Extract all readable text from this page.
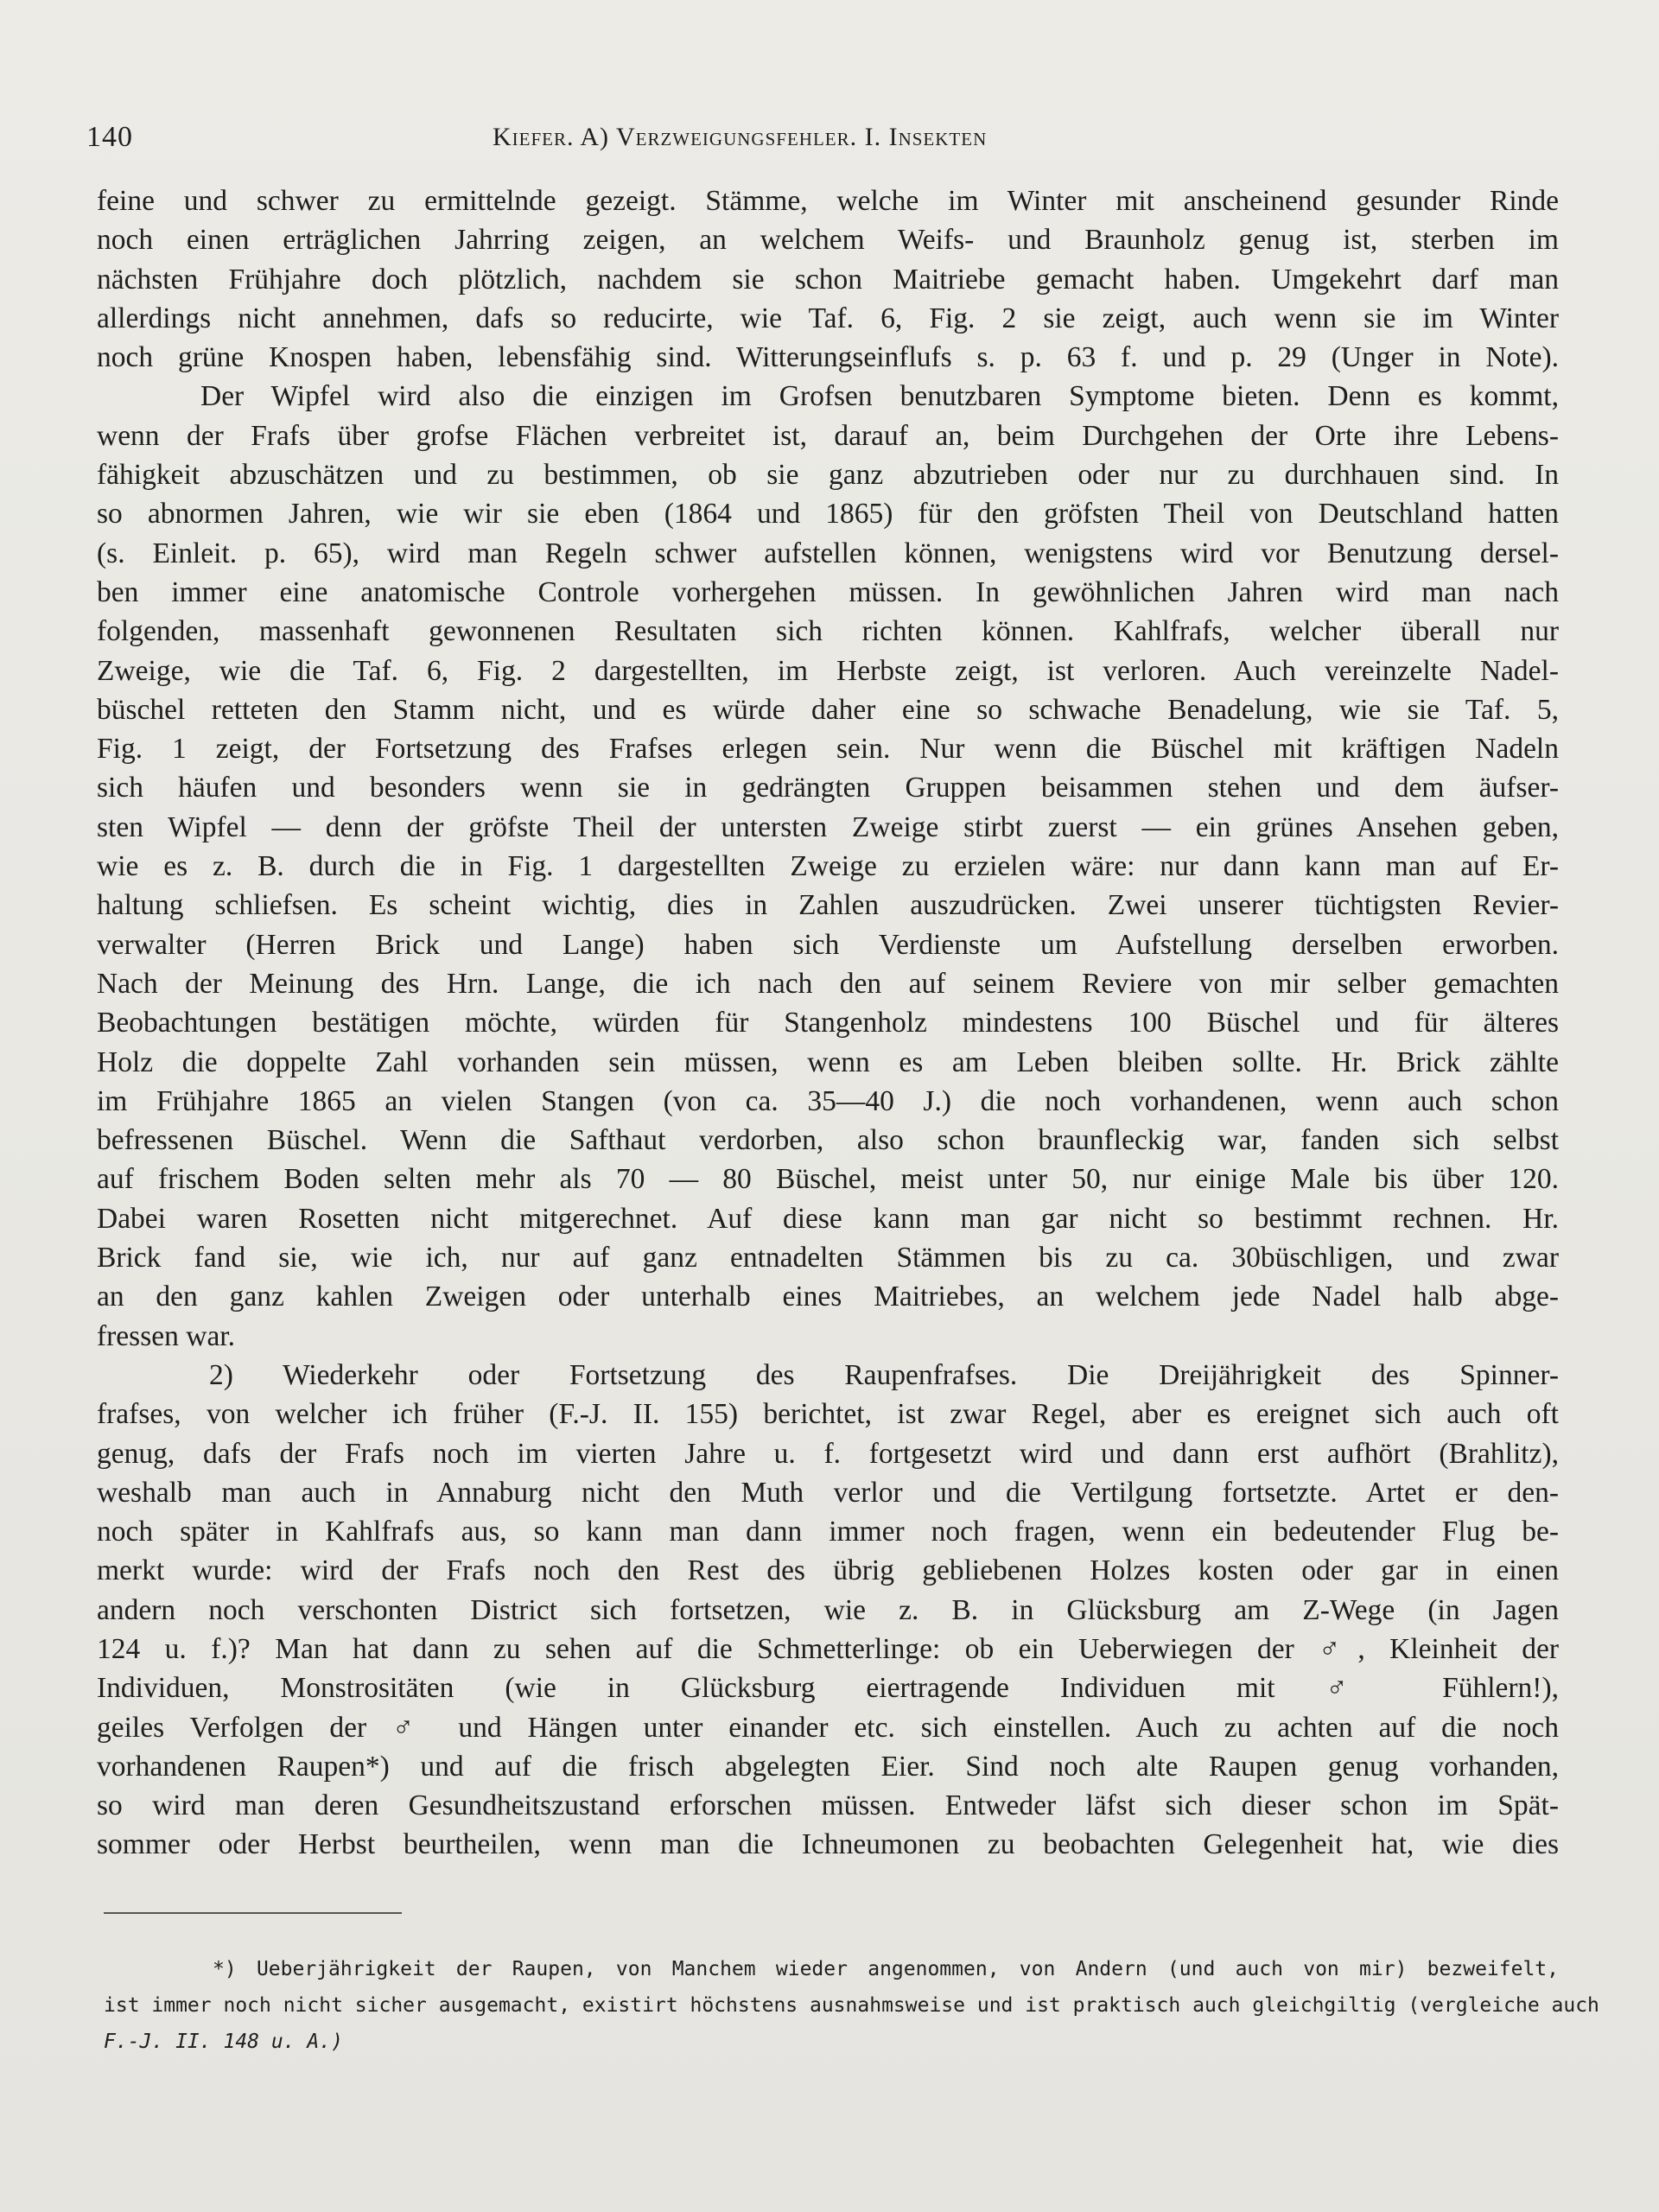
140	Kiefer. A) Verzweigungsfehler. I. Insekten
feine und schwer zu ermittelnde gezeigt. Stämme, welche im Winter mit anscheinend gesunder Rinde
noch einen erträglichen Jahrring zeigen, an welchem Weifs- und Braunholz genug ist, sterben im
nächsten Frühjahre doch plötzlich, nachdem sie schon Maitriebe gemacht haben. Umgekehrt darf man
allerdings nicht annehmen, dafs so reducirte, wie Taf. 6, Fig. 2 sie zeigt, auch wenn sie im Winter
noch grüne Knospen haben, lebensfähig sind. Witterungseinflufs s. p. 63 f. und p. 29 (Unger in Note).
Der Wipfel wird also die einzigen im Grofsen benutzbaren Symptome bieten. Denn es kommt,
wenn der Frafs über grofse Flächen verbreitet ist, darauf an, beim Durchgehen der Orte ihre Lebens-
fähigkeit abzuschätzen und zu bestimmen, ob sie ganz abzutrieben oder nur zu durchhauen sind. In
so abnormen Jahren, wie wir sie eben (1864 und 1865) für den gröfsten Theil von Deutschland hatten
(s. Einleit. p. 65), wird man Regeln schwer aufstellen können, wenigstens wird vor Benutzung dersel-
ben immer eine anatomische Controle vorhergehen müssen. In gewöhnlichen Jahren wird man nach
folgenden, massenhaft gewonnenen Resultaten sich richten können. Kahlfrafs, welcher überall nur
Zweige, wie die Taf. 6, Fig. 2 dargestellten, im Herbste zeigt, ist verloren. Auch vereinzelte Nadel-
büschel retteten den Stamm nicht, und es würde daher eine so schwache Benadelung, wie sie Taf. 5,
Fig. 1 zeigt, der Fortsetzung des Frafses erlegen sein. Nur wenn die Büschel mit kräftigen Nadeln
sich häufen und besonders wenn sie in gedrängten Gruppen beisammen stehen und dem äufser-
sten Wipfel — denn der gröfste Theil der untersten Zweige stirbt zuerst — ein grünes Ansehen geben,
wie es z. B. durch die in Fig. 1 dargestellten Zweige zu erzielen wäre: nur dann kann man auf Er-
haltung schliefsen. Es scheint wichtig, dies in Zahlen auszudrücken. Zwei unserer tüchtigsten Revier-
verwalter (Herren Brick und Lange) haben sich Verdienste um Aufstellung derselben erworben.
Nach der Meinung des Hrn. Lange, die ich nach den auf seinem Reviere von mir selber gemachten
Beobachtungen bestätigen möchte, würden für Stangenholz mindestens 100 Büschel und für älteres
Holz die doppelte Zahl vorhanden sein müssen, wenn es am Leben bleiben sollte. Hr. Brick zählte
im Frühjahre 1865 an vielen Stangen (von ca. 35—40 J.) die noch vorhandenen, wenn auch schon
befressenen Büschel. Wenn die Safthaut verdorben, also schon braunfleckig war, fanden sich selbst
auf frischem Boden selten mehr als 70 — 80 Büschel, meist unter 50, nur einige Male bis über 120.
Dabei waren Rosetten nicht mitgerechnet. Auf diese kann man gar nicht so bestimmt rechnen. Hr.
Brick fand sie, wie ich, nur auf ganz entnadelten Stämmen bis zu ca. 30büschligen, und zwar
an den ganz kahlen Zweigen oder unterhalb eines Maitriebes, an welchem jede Nadel halb abge-
fressen war.
2) Wiederkehr oder Fortsetzung des Raupenfrafses. Die Dreijährigkeit des Spinner-
frafses, von welcher ich früher (F.-J. II. 155) berichtet, ist zwar Regel, aber es ereignet sich auch oft
genug, dafs der Frafs noch im vierten Jahre u. f. fortgesetzt wird und dann erst aufhört (Brahlitz),
weshalb man auch in Annaburg nicht den Muth verlor und die Vertilgung fortsetzte. Artet er den-
noch später in Kahlfrafs aus, so kann man dann immer noch fragen, wenn ein bedeutender Flug be-
merkt wurde: wird der Frafs noch den Rest des übrig gebliebenen Holzes kosten oder gar in einen
andern noch verschonten District sich fortsetzen, wie z. B. in Glücksburg am Z-Wege (in Jagen
124 u. f.)? Man hat dann zu sehen auf die Schmetterlinge: ob ein Ueberwiegen der ♂, Kleinheit der
Individuen, Monstrositäten (wie in Glücksburg eiertragende Individuen mit ♂ Fühlern!),
geiles Verfolgen der ♂ und Hängen unter einander etc. sich einstellen. Auch zu achten auf die noch
vorhandenen Raupen*) und auf die frisch abgelegten Eier. Sind noch alte Raupen genug vorhanden,
so wird man deren Gesundheitszustand erforschen müssen. Entweder läfst sich dieser schon im Spät-
sommer oder Herbst beurtheilen, wenn man die Ichneumonen zu beobachten Gelegenheit hat, wie dies
*) Ueberjährigkeit der Raupen, von Manchem wieder angenommen, von Andern (und auch von mir) bezweifelt,
ist immer noch nicht sicher ausgemacht, existirt höchstens ausnahmsweise und ist praktisch auch gleichgiltig (vergleiche auch
F.-J. II. 148 u. A.)
